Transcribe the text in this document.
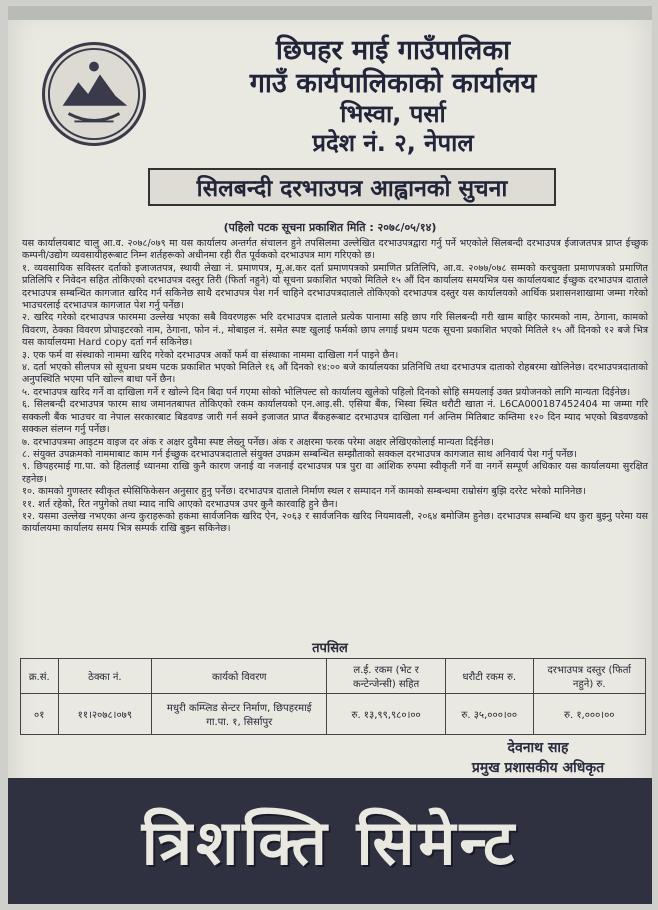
छिपहर माई गाउँपालिका
गाउँ कार्यपालिकाको कार्यालय
भिस्वा, पर्सा
प्रदेश नं. २, नेपाल
सिलबन्दी दरभाउपत्र आह्वानको सुचना
(पहिलो पटक सूचना प्रकाशित मिति : २०७८/०५/१४)

यस कार्यालयबाट चालु आ.व. २०७८/०७९ मा यस कार्यालय अन्तर्गत संचालन हुने तपसिलमा उल्लेखित दरभाउपत्रद्वारा गर्नु पर्ने भएकोले सिलबन्दी दरभाउपत्र ईजाजतपत्र प्राप्त ईच्छुक कम्पनी/उद्योग व्यवसायीहरूबाट निम्न शर्तहरूको अधीनमा रही रीत पूर्वकको दरभाउपत्र माग गरिएको छ।

१. व्यवसायिक सविस्तर दर्ताको इजाजतपत्र, स्थायी लेखा नं. प्रमाणपत्र, मू.अ.कर दर्ता प्रमाणपत्रको प्रमाणित प्रतिलिपि, आ.व. २०७७/०७८ सम्मको करचुक्ता प्रमाणपत्रको प्रमाणित प्रतिलिपि र निवेदन सहित तोकिएको दरभाउपत्र दस्तुर तिरी (फिर्ता नहुने) यो सूचना प्रकाशित भएको मितिले १५ औं दिन कार्यालय समयभित्र यस कार्यालयबाट ईच्छुक दरभाउपत्र दाताले दरभाउपत्र सम्बन्धित कागजात खरिद गर्न सकिनेछ साथै दरभाउपत्र पेश गर्न चाहिने दरभाउपत्रदाताले तोकिएको दरभाउपत्र दस्तुर यस कार्यालयको आर्थिक प्रशासनशाखामा जम्मा गरेको भाउचरलाई दरभाउपत्र कागजात पेश गर्नु पर्नेछ।

२. खरिद गरेको दरभाउपत्र फारममा उल्लेख भएका सबै विवरणहरू भरि दरभाउपत्र दाताले प्रत्येक पानामा सहि छाप गरि सिलबन्दी गरी खाम बाहिर फारमको नाम, ठेगाना, कामको विवरण, ठेक्का विवरण प्रोपाइटरको नाम, ठेगाना, फोन नं., मोबाइल नं. समेत स्पष्ट खुलाई फर्मको छाप लगाई प्रथम पटक सूचना प्रकाशित भएको मितिले १५ औं दिनको १२ बजे भित्र यस कार्यालयमा Hard copy दर्ता गर्न सकिनेछ।

३. एक फर्म वा संस्थाको नाममा खरिद गरेको दरभाउपत्र अर्को फर्म वा संस्थाका नाममा दाखिला गर्न पाइने छैन।

४. दर्ता भएको सीलपत्र सो सूचना प्रथम पटक प्रकाशित भएको मितिले १६ औं दिनको १४:०० बजे कार्यालयका प्रतिनिधि तथा दरभाउपत्र दाताको रोहबरमा खोलिनेछ। दरभाउपत्रदाताको अनुपस्थिति भएमा पनि खोल्न बाधा पर्ने छैन।

५. दरभाउपत्र खरिद गर्ने वा दाखिला गर्ने र खोल्ने दिन बिदा पर्न गएमा सोको भोलिपल्ट सो कार्यालय खुलेको पहिलो दिनको सोहि समयलाई उक्त प्रयोजनको लागि मान्यता दिईनेछ।

६. सिलबन्दी दरभाउपत्र फारम साथ जमानतबापत तोकिएको रकम कार्यालयको एन.आइ.सी. एसिया बैंक, भिस्वा स्थित धरौटी खाता नं. L6CA000187452404 मा जम्मा गरि सक्कली बैंक भाउचर वा नेपाल सरकारबाट बिडवण्ड जारी गर्न सक्ने इजाजत प्राप्त बैंकहरूबाट दरभाउपत्र दाखिला गर्न अन्तिम मितिबाट कम्तिमा १२० दिन म्याद भएको बिडवण्डको सक्कल संलग्न गर्नु पर्नेछ।

७. दरभाउपत्रमा आइटम वाइज दर अंक र अक्षर दुवैमा स्पष्ट लेख्नु पर्नेछ। अंक र अक्षरमा फरक परेमा अक्षर लेखिएकोलाई मान्यता दिईनेछ।

८. संयुक्त उपक्रमको नाममाबाट काम गर्न ईच्छुक दरभाउपत्रदाताले संयुक्त उपक्रम सम्बन्धित सम्झौताको सक्कल दरभाउपत्र कागजात साथ अनिवार्य पेश गर्नु पर्नेछ।

९. छिपहरमाई गा.पा. को हितलाई ध्यानमा राखि कुनै कारण जनाई वा नजनाई दरभाउपत्र पत्र पुरा वा आंशिक रुपमा स्वीकृती गर्ने वा नगर्ने सम्पूर्ण अधिकार यस कार्यालयमा सुरक्षित रहनेछ।

१०. कामको गुणस्तर स्वीकृत स्पेसिफिकेसन अनुसार हुनु पर्नेछ। दरभाउपत्र दाताले निर्माण स्थल र सम्पादन गर्ने कामको सम्बन्धमा राम्रोसंग बुझि दररेट भरेको मानिनेछ।

११. शर्त रहेको, रित नपुगेको तथा म्याद नाघि आएको दरभाउपत्र उपर कुनै कारवाहि हुने छैन।

१२. यसमा उल्लेख नभएका अन्य कुराहरूको हकमा सार्वजनिक खरिद ऐन, २०६३ र सार्वजनिक खरिद नियमावली, २०६४ बमोजिम हुनेछ। दरभाउपत्र सम्बन्धि थप कुरा बुझ्नु परेमा यस कार्यालयमा कार्यालय समय भित्र सम्पर्क राखि बुझ्न सकिनेछ।

तपसिल
क्र.सं.	ठेक्का नं.	कार्यको विवरण	ल.ई. रकम (भेट र कन्टेन्जेन्सी) सहित	धरौटी रकम रु.	दरभाउपत्र दस्तुर (फिर्ता नहुने) रु.
०१	११।२०७८।०७९	मधुरी कम्प्लिड सेन्टर निर्माण, छिपहरमाई गा.पा. १, सिर्सापुर	रु. १३,९९,९८०।००	रु. ३५,०००।००	रु. १,०००।००
देवनाथ साह
प्रमुख प्रशासकीय अधिकृत
त्रिशक्ति सिमेन्ट
